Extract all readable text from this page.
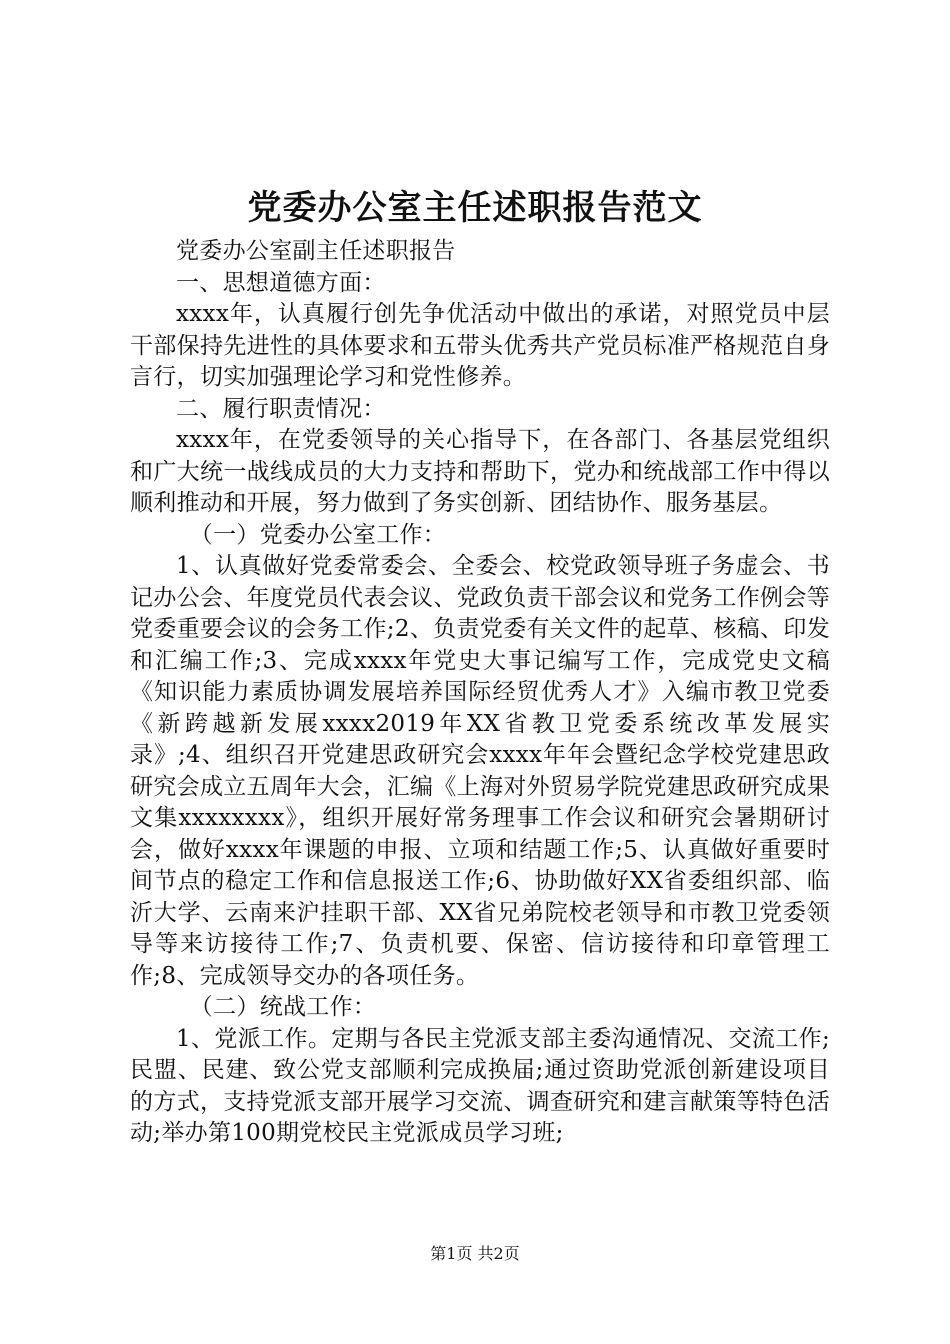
党委办公室主任述职报告范文

党委办公室副主任述职报告

一、思想道德方面：

xxxx年，认真履行创先争优活动中做出的承诺，对照党员中层干部保持先进性的具体要求和五带头优秀共产党员标准严格规范自身言行，切实加强理论学习和党性修养。

二、履行职责情况：

xxxx年，在党委领导的关心指导下，在各部门、各基层党组织和广大统一战线成员的大力支持和帮助下，党办和统战部工作中得以顺利推动和开展，努力做到了务实创新、团结协作、服务基层。

（一）党委办公室工作：

1、认真做好党委常委会、全委会、校党政领导班子务虚会、书记办公会、年度党员代表会议、党政负责干部会议和党务工作例会等党委重要会议的会务工作;2、负责党委有关文件的起草、核稿、印发和汇编工作;3、完成xxxx年党史大事记编写工作，完成党史文稿《知识能力素质协调发展培养国际经贸优秀人才》入编市教卫党委《新跨越新发展xxxx2019年XX省教卫党委系统改革发展实录》;4、组织召开党建思政研究会xxxx年年会暨纪念学校党建思政研究会成立五周年大会，汇编《上海对外贸易学院党建思政研究成果文集xxxxxxxx》，组织开展好常务理事工作会议和研究会暑期研讨会，做好xxxx年课题的申报、立项和结题工作;5、认真做好重要时间节点的稳定工作和信息报送工作;6、协助做好XX省委组织部、临沂大学、云南来沪挂职干部、XX省兄弟院校老领导和市教卫党委领导等来访接待工作;7、负责机要、保密、信访接待和印章管理工作;8、完成领导交办的各项任务。

（二）统战工作：

1、党派工作。定期与各民主党派支部主委沟通情况、交流工作;民盟、民建、致公党支部顺利完成换届;通过资助党派创新建设项目的方式，支持党派支部开展学习交流、调查研究和建言献策等特色活动;举办第100期党校民主党派成员学习班;

第1页 共2页
